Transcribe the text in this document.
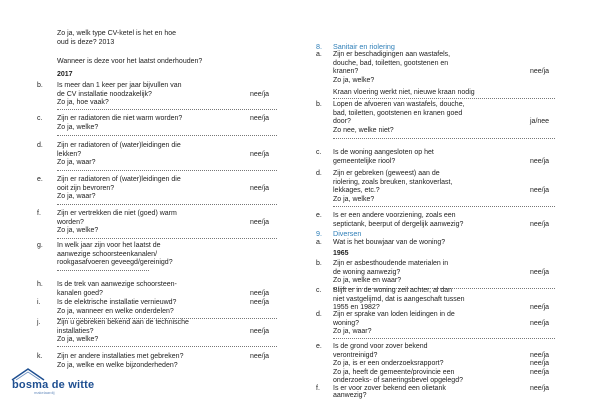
Zo ja, welk type CV-ketel is het en hoe
oud is deze? 2013
Wanneer is deze voor het laatst onderhouden?
2017
b. Is meer dan 1 keer per jaar bijvullen van
de CV installatie noodzakelijk?	nee/ja
Zo ja, hoe vaak?
c. Zijn er radiatoren die niet warm worden?	nee/ja
Zo ja, welke?
d. Zijn er radiatoren of (water)leidingen die
lekken?	nee/ja
Zo ja, waar?
e. Zijn er radiatoren of (water)leidingen die
ooit zijn bevroren?	nee/ja
Zo ja, waar?
f. Zijn er vertrekken die niet (goed) warm
worden?	nee/ja
Zo ja, welke?
g. In welk jaar zijn voor het laatst de
aanwezige schoorsteenkanalen/
rookgasafvoeren geveegd/gereinigd?
h. Is de trek van aanwezige schoorsteen-
kanalen goed?	nee/ja
i. Is de elektrische installatie vernieuwd?	nee/ja
Zo ja, wanneer en welke onderdelen?
j. Zijn u gebreken bekend aan de technische
installaties?	nee/ja
Zo ja, welke?
k. Zijn er andere installaties met gebreken?	nee/ja
Zo ja, welke en welke bijzonderheden?
bosma de witte
makelaardij
8. Sanitair en riolering
a. Zijn er beschadigingen aan wastafels,
douche, bad, toiletten, gootstenen en
kranen?	nee/ja
Zo ja, welke?
Kraan vloering werkt niet, nieuwe kraan nodig
b. Lopen de afvoeren van wastafels, douche,
bad, toiletten, gootstenen en kranen goed
door?	ja/nee
Zo nee, welke niet?
c. Is de woning aangesloten op het
gemeentelijke riool?	nee/ja
d. Zijn er gebreken (geweest) aan de
riolering, zoals breuken, stankoverlast,
lekkages, etc.?	nee/ja
Zo ja, welke?
e. Is er een andere voorziening, zoals een
septictank, beerput of dergelijk aanwezig?	nee/ja
9. Diversen
a. Wat is het bouwjaar van de woning?
1965
b. Zijn er asbesthoudende materialen in
de woning aanwezig?	nee/ja
Zo ja, welke en waar?
c. Blijft er in de woning zeil achter, al dan
niet vastgelijmd, dat is aangeschaft tussen
1955 en 1982?	nee/ja
d. Zijn er sprake van loden leidingen in de
woning?	nee/ja
Zo ja, waar?
e. Is de grond voor zover bekend
verontreinigd?	nee/ja
Zo ja, is er een onderzoeksrapport?	nee/ja
Zo ja, heeft de gemeente/provincie een	nee/ja
onderzoeks- of saneringsbevel opgelegd?
f. Is er voor zover bekend een olietank	nee/ja
aanwezig?
